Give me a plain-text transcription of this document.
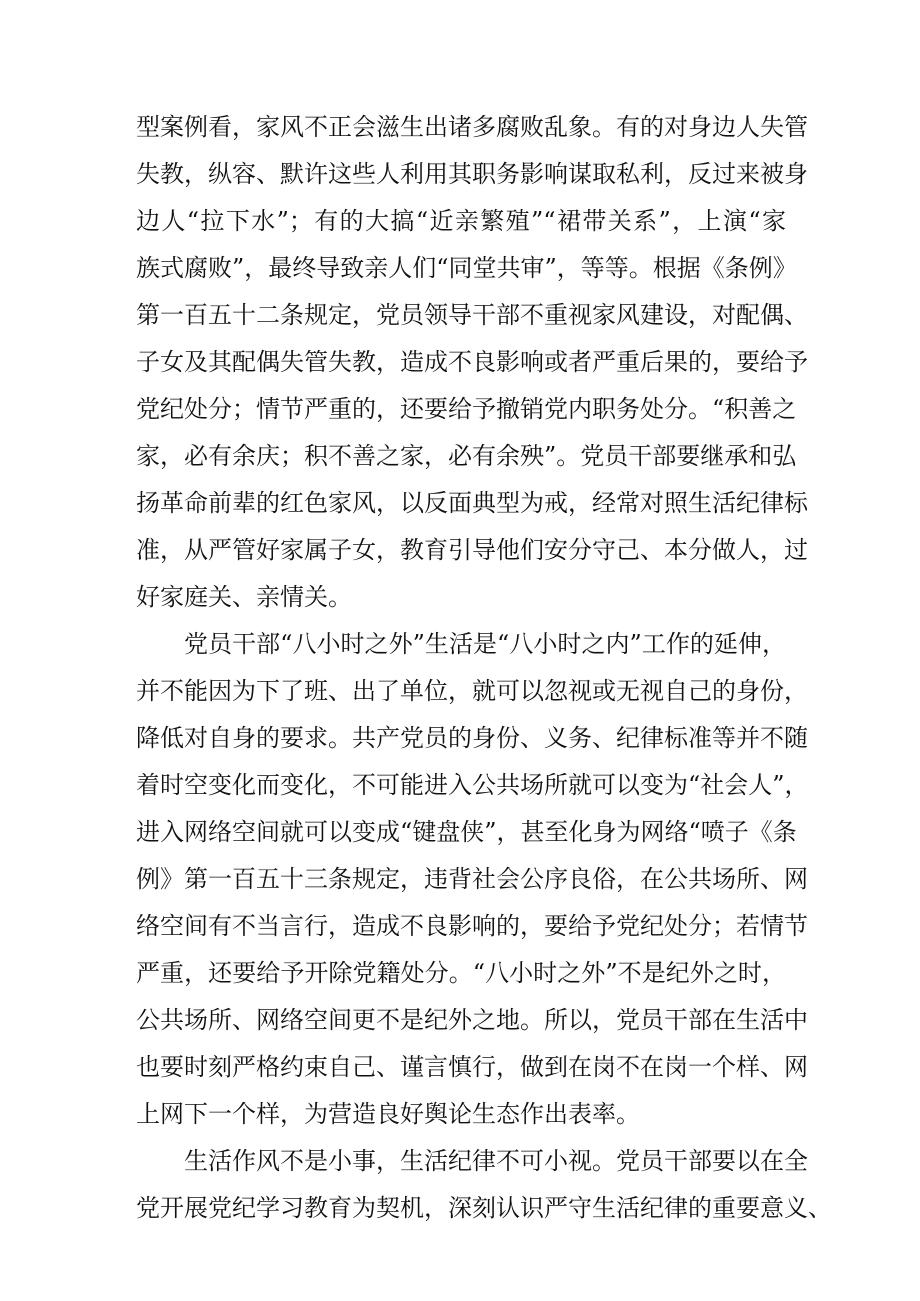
型案例看，家风不正会滋生出诸多腐败乱象。有的对身边人失管
失教，纵容、默许这些人利用其职务影响谋取私利，反过来被身
边人“拉下水”；有的大搞“近亲繁殖”“裙带关系”，上演“家
族式腐败”，最终导致亲人们“同堂共审”，等等。根据《条例》
第一百五十二条规定，党员领导干部不重视家风建设，对配偶、
子女及其配偶失管失教，造成不良影响或者严重后果的，要给予
党纪处分；情节严重的，还要给予撤销党内职务处分。“积善之
家，必有余庆；积不善之家，必有余殃”。党员干部要继承和弘
扬革命前辈的红色家风，以反面典型为戒，经常对照生活纪律标
准，从严管好家属子女，教育引导他们安分守己、本分做人，过
好家庭关、亲情关。
党员干部“八小时之外”生活是“八小时之内”工作的延伸，
并不能因为下了班、出了单位，就可以忽视或无视自己的身份，
降低对自身的要求。共产党员的身份、义务、纪律标准等并不随
着时空变化而变化，不可能进入公共场所就可以变为“社会人”，
进入网络空间就可以变成“键盘侠”，甚至化身为网络“喷子《条
例》第一百五十三条规定，违背社会公序良俗，在公共场所、网
络空间有不当言行，造成不良影响的，要给予党纪处分；若情节
严重，还要给予开除党籍处分。“八小时之外”不是纪外之时，
公共场所、网络空间更不是纪外之地。所以，党员干部在生活中
也要时刻严格约束自己、谨言慎行，做到在岗不在岗一个样、网
上网下一个样，为营造良好舆论生态作出表率。
生活作风不是小事，生活纪律不可小视。党员干部要以在全
党开展党纪学习教育为契机，深刻认识严守生活纪律的重要意义、
